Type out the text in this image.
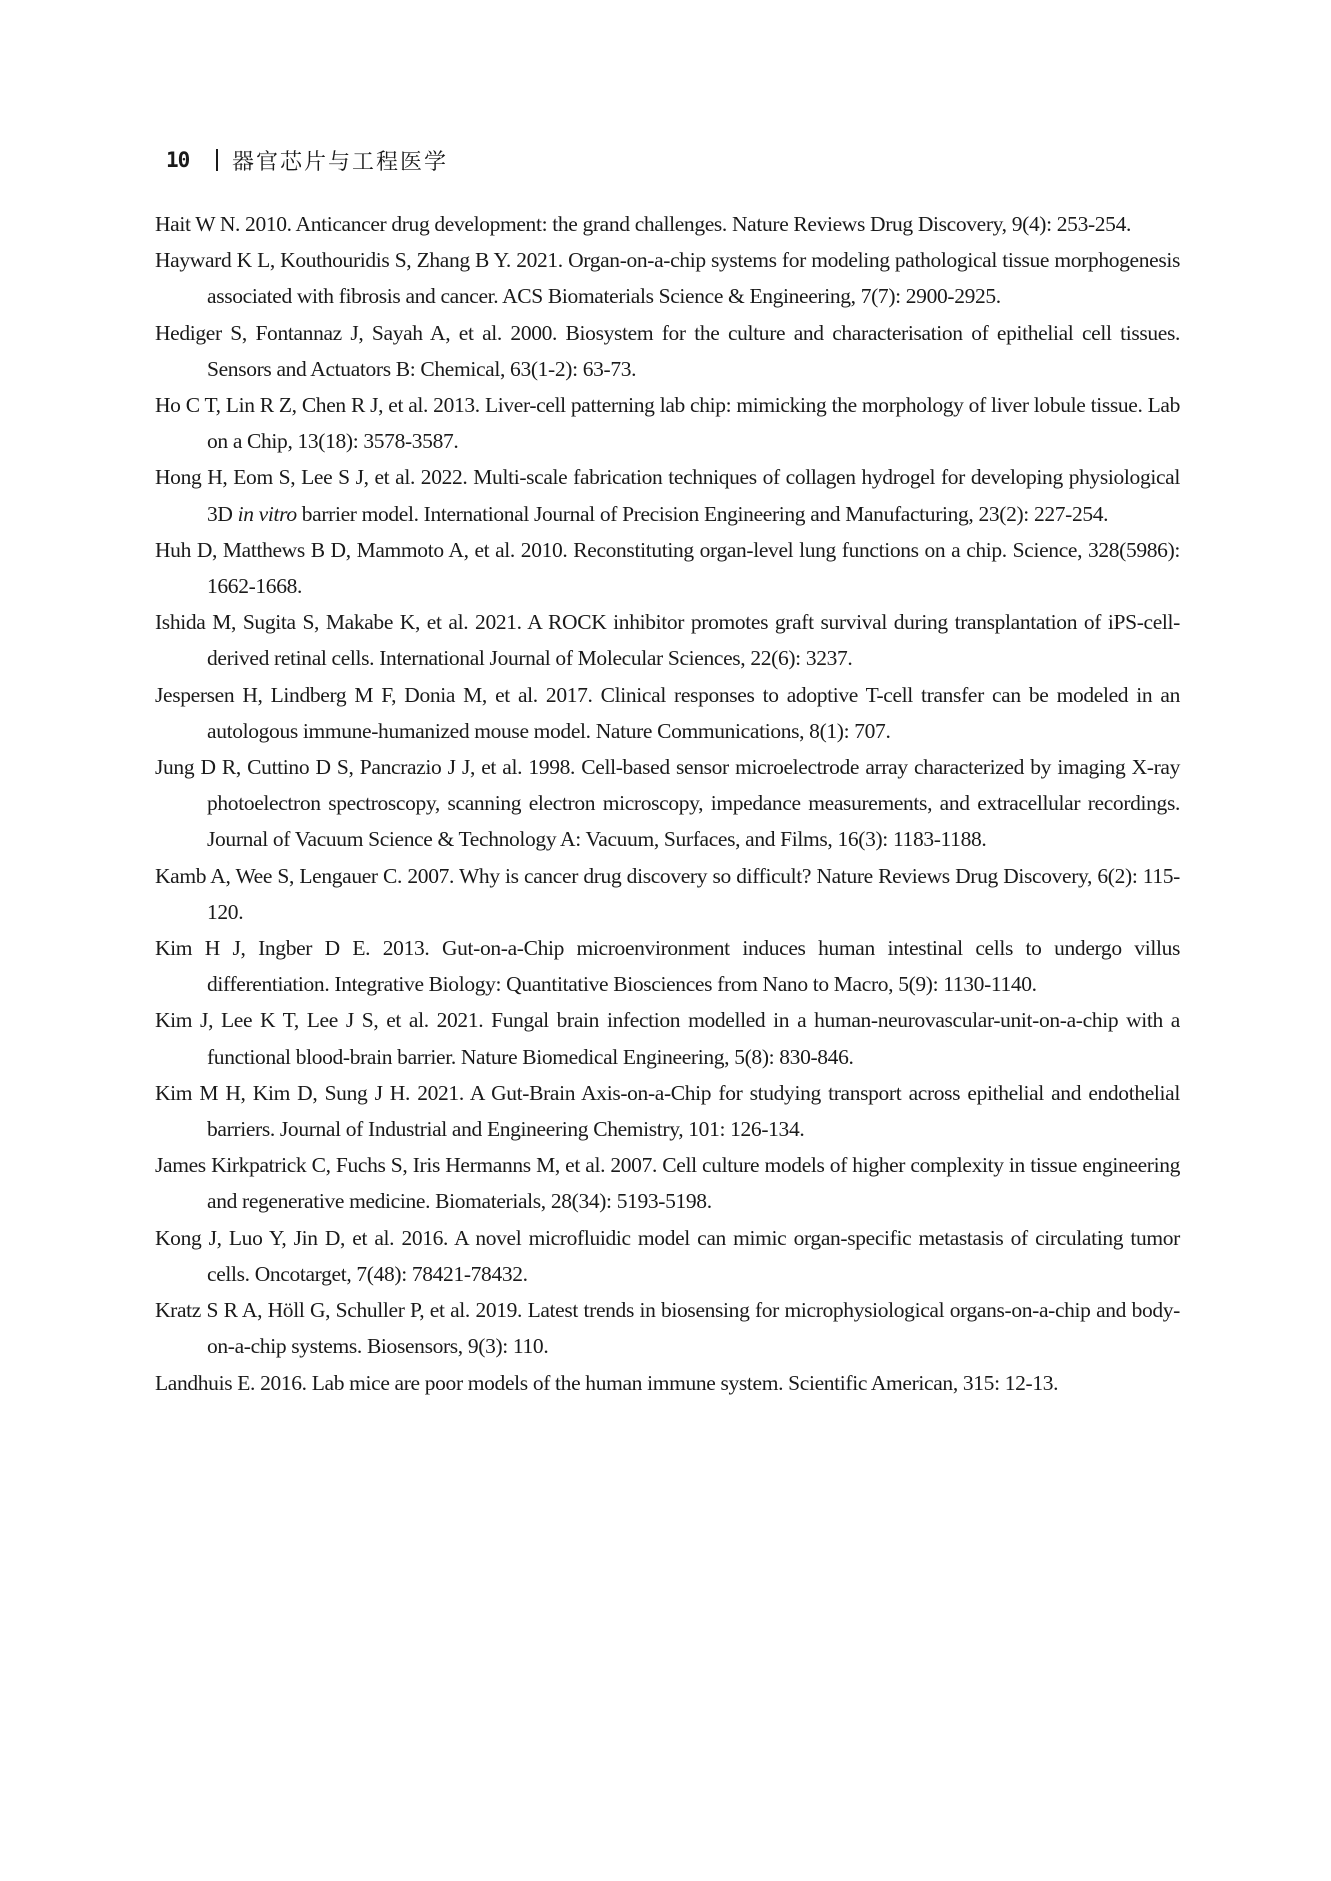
10 器官芯片与工程医学
Hait W N. 2010. Anticancer drug development: the grand challenges. Nature Reviews Drug Discovery, 9(4): 253-254.
Hayward K L, Kouthouridis S, Zhang B Y. 2021. Organ-on-a-chip systems for modeling pathological tissue morphogenesis associated with fibrosis and cancer. ACS Biomaterials Science & Engineering, 7(7): 2900-2925.
Hediger S, Fontannaz J, Sayah A, et al. 2000. Biosystem for the culture and characterisation of epithelial cell tissues. Sensors and Actuators B: Chemical, 63(1-2): 63-73.
Ho C T, Lin R Z, Chen R J, et al. 2013. Liver-cell patterning lab chip: mimicking the morphology of liver lobule tissue. Lab on a Chip, 13(18): 3578-3587.
Hong H, Eom S, Lee S J, et al. 2022. Multi-scale fabrication techniques of collagen hydrogel for developing physiological 3D in vitro barrier model. International Journal of Precision Engineering and Manufacturing, 23(2): 227-254.
Huh D, Matthews B D, Mammoto A, et al. 2010. Reconstituting organ-level lung functions on a chip. Science, 328(5986): 1662-1668.
Ishida M, Sugita S, Makabe K, et al. 2021. A ROCK inhibitor promotes graft survival during transplantation of iPS-cell-derived retinal cells. International Journal of Molecular Sciences, 22(6): 3237.
Jespersen H, Lindberg M F, Donia M, et al. 2017. Clinical responses to adoptive T-cell transfer can be modeled in an autologous immune-humanized mouse model. Nature Communications, 8(1): 707.
Jung D R, Cuttino D S, Pancrazio J J, et al. 1998. Cell-based sensor microelectrode array characterized by imaging X-ray photoelectron spectroscopy, scanning electron microscopy, impedance measurements, and extracellular recordings. Journal of Vacuum Science & Technology A: Vacuum, Surfaces, and Films, 16(3): 1183-1188.
Kamb A, Wee S, Lengauer C. 2007. Why is cancer drug discovery so difficult? Nature Reviews Drug Discovery, 6(2): 115-120.
Kim H J, Ingber D E. 2013. Gut-on-a-Chip microenvironment induces human intestinal cells to undergo villus differentiation. Integrative Biology: Quantitative Biosciences from Nano to Macro, 5(9): 1130-1140.
Kim J, Lee K T, Lee J S, et al. 2021. Fungal brain infection modelled in a human-neurovascular-unit-on-a-chip with a functional blood-brain barrier. Nature Biomedical Engineering, 5(8): 830-846.
Kim M H, Kim D, Sung J H. 2021. A Gut-Brain Axis-on-a-Chip for studying transport across epithelial and endothelial barriers. Journal of Industrial and Engineering Chemistry, 101: 126-134.
James Kirkpatrick C, Fuchs S, Iris Hermanns M, et al. 2007. Cell culture models of higher complexity in tissue engineering and regenerative medicine. Biomaterials, 28(34): 5193-5198.
Kong J, Luo Y, Jin D, et al. 2016. A novel microfluidic model can mimic organ-specific metastasis of circulating tumor cells. Oncotarget, 7(48): 78421-78432.
Kratz S R A, Höll G, Schuller P, et al. 2019. Latest trends in biosensing for microphysiological organs-on-a-chip and body-on-a-chip systems. Biosensors, 9(3): 110.
Landhuis E. 2016. Lab mice are poor models of the human immune system. Scientific American, 315: 12-13.
